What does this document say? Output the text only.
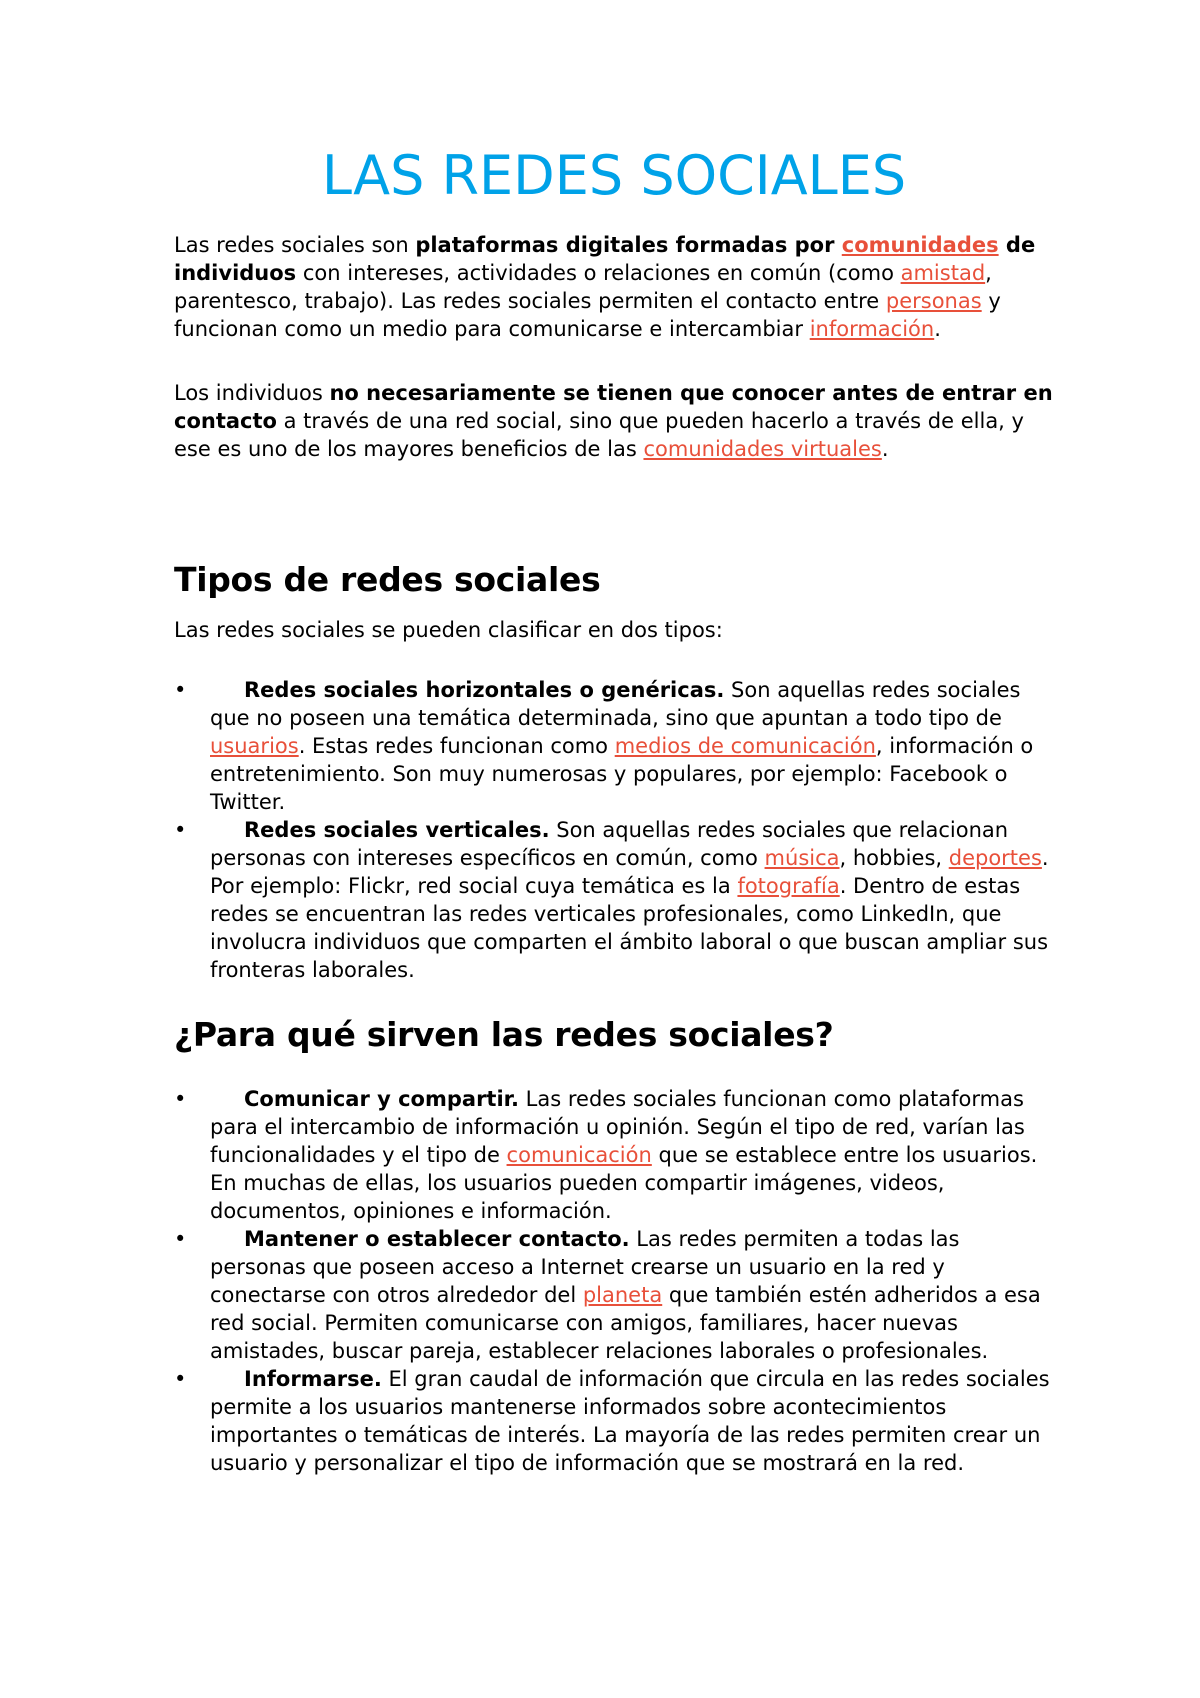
LAS REDES SOCIALES

Las redes sociales son plataformas digitales formadas por comunidades de individuos con intereses, actividades o relaciones en común (como amistad, parentesco, trabajo). Las redes sociales permiten el contacto entre personas y funcionan como un medio para comunicarse e intercambiar información.

Los individuos no necesariamente se tienen que conocer antes de entrar en contacto a través de una red social, sino que pueden hacerlo a través de ella, y ese es uno de los mayores beneficios de las comunidades virtuales.

Tipos de redes sociales

Las redes sociales se pueden clasificar en dos tipos:

•	Redes sociales horizontales o genéricas. Son aquellas redes sociales que no poseen una temática determinada, sino que apuntan a todo tipo de usuarios. Estas redes funcionan como medios de comunicación, información o entretenimiento. Son muy numerosas y populares, por ejemplo: Facebook o Twitter.
•	Redes sociales verticales. Son aquellas redes sociales que relacionan personas con intereses específicos en común, como música, hobbies, deportes. Por ejemplo: Flickr, red social cuya temática es la fotografía. Dentro de estas redes se encuentran las redes verticales profesionales, como LinkedIn, que involucra individuos que comparten el ámbito laboral o que buscan ampliar sus fronteras laborales.
¿Para qué sirven las redes sociales?
•	Comunicar y compartir. Las redes sociales funcionan como plataformas para el intercambio de información u opinión. Según el tipo de red, varían las funcionalidades y el tipo de comunicación que se establece entre los usuarios. En muchas de ellas, los usuarios pueden compartir imágenes, videos, documentos, opiniones e información.
•	Mantener o establecer contacto. Las redes permiten a todas las personas que poseen acceso a Internet crearse un usuario en la red y conectarse con otros alrededor del planeta que también estén adheridos a esa red social. Permiten comunicarse con amigos, familiares, hacer nuevas amistades, buscar pareja, establecer relaciones laborales o profesionales.
•	Informarse. El gran caudal de información que circula en las redes sociales permite a los usuarios mantenerse informados sobre acontecimientos importantes o temáticas de interés. La mayoría de las redes permiten crear un usuario y personalizar el tipo de información que se mostrará en la red.
